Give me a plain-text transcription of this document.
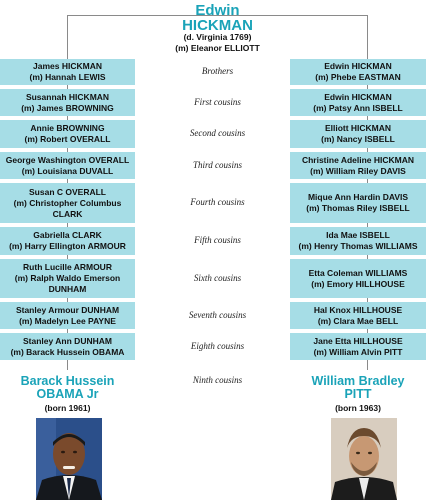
Edwin
HICKMAN
(d. Virginia 1769)
(m) Eleanor ELLIOTT
James HICKMAN
(m) Hannah LEWIS
Brothers	Edwin HICKMAN
(m) Phebe EASTMAN
Susannah HICKMAN
(m) James BROWNING
First cousins	Edwin HICKMAN
(m) Patsy Ann ISBELL
Annie BROWNING
(m) Robert OVERALL
Second cousins	Elliott HICKMAN
(m) Nancy ISBELL
George Washington OVERALL
(m) Louisiana DUVALL
Third cousins	Christine Adeline HICKMAN
(m) William Riley DAVIS
Susan C OVERALL
(m) Christopher Columbus
CLARK
Fourth cousins	Mique Ann Hardin DAVIS
(m) Thomas Riley ISBELL
Gabriella CLARK
(m) Harry Ellington ARMOUR
Fifth cousins	Ida Mae ISBELL
(m) Henry Thomas WILLIAMS
Ruth Lucille ARMOUR
(m) Ralph Waldo Emerson
DUNHAM
Sixth cousins	Etta Coleman WILLIAMS
(m) Emory HILLHOUSE
Stanley Armour DUNHAM
(m) Madelyn Lee PAYNE
Seventh cousins	Hal Knox HILLHOUSE
(m) Clara Mae BELL
Stanley Ann DUNHAM
(m) Barack Hussein OBAMA
Eighth cousins	Jane Etta HILLHOUSE
(m) William Alvin PITT
Barack Hussein
OBAMA Jr
(born 1961)
Ninth cousins	William Bradley
PITT
(born 1963)
